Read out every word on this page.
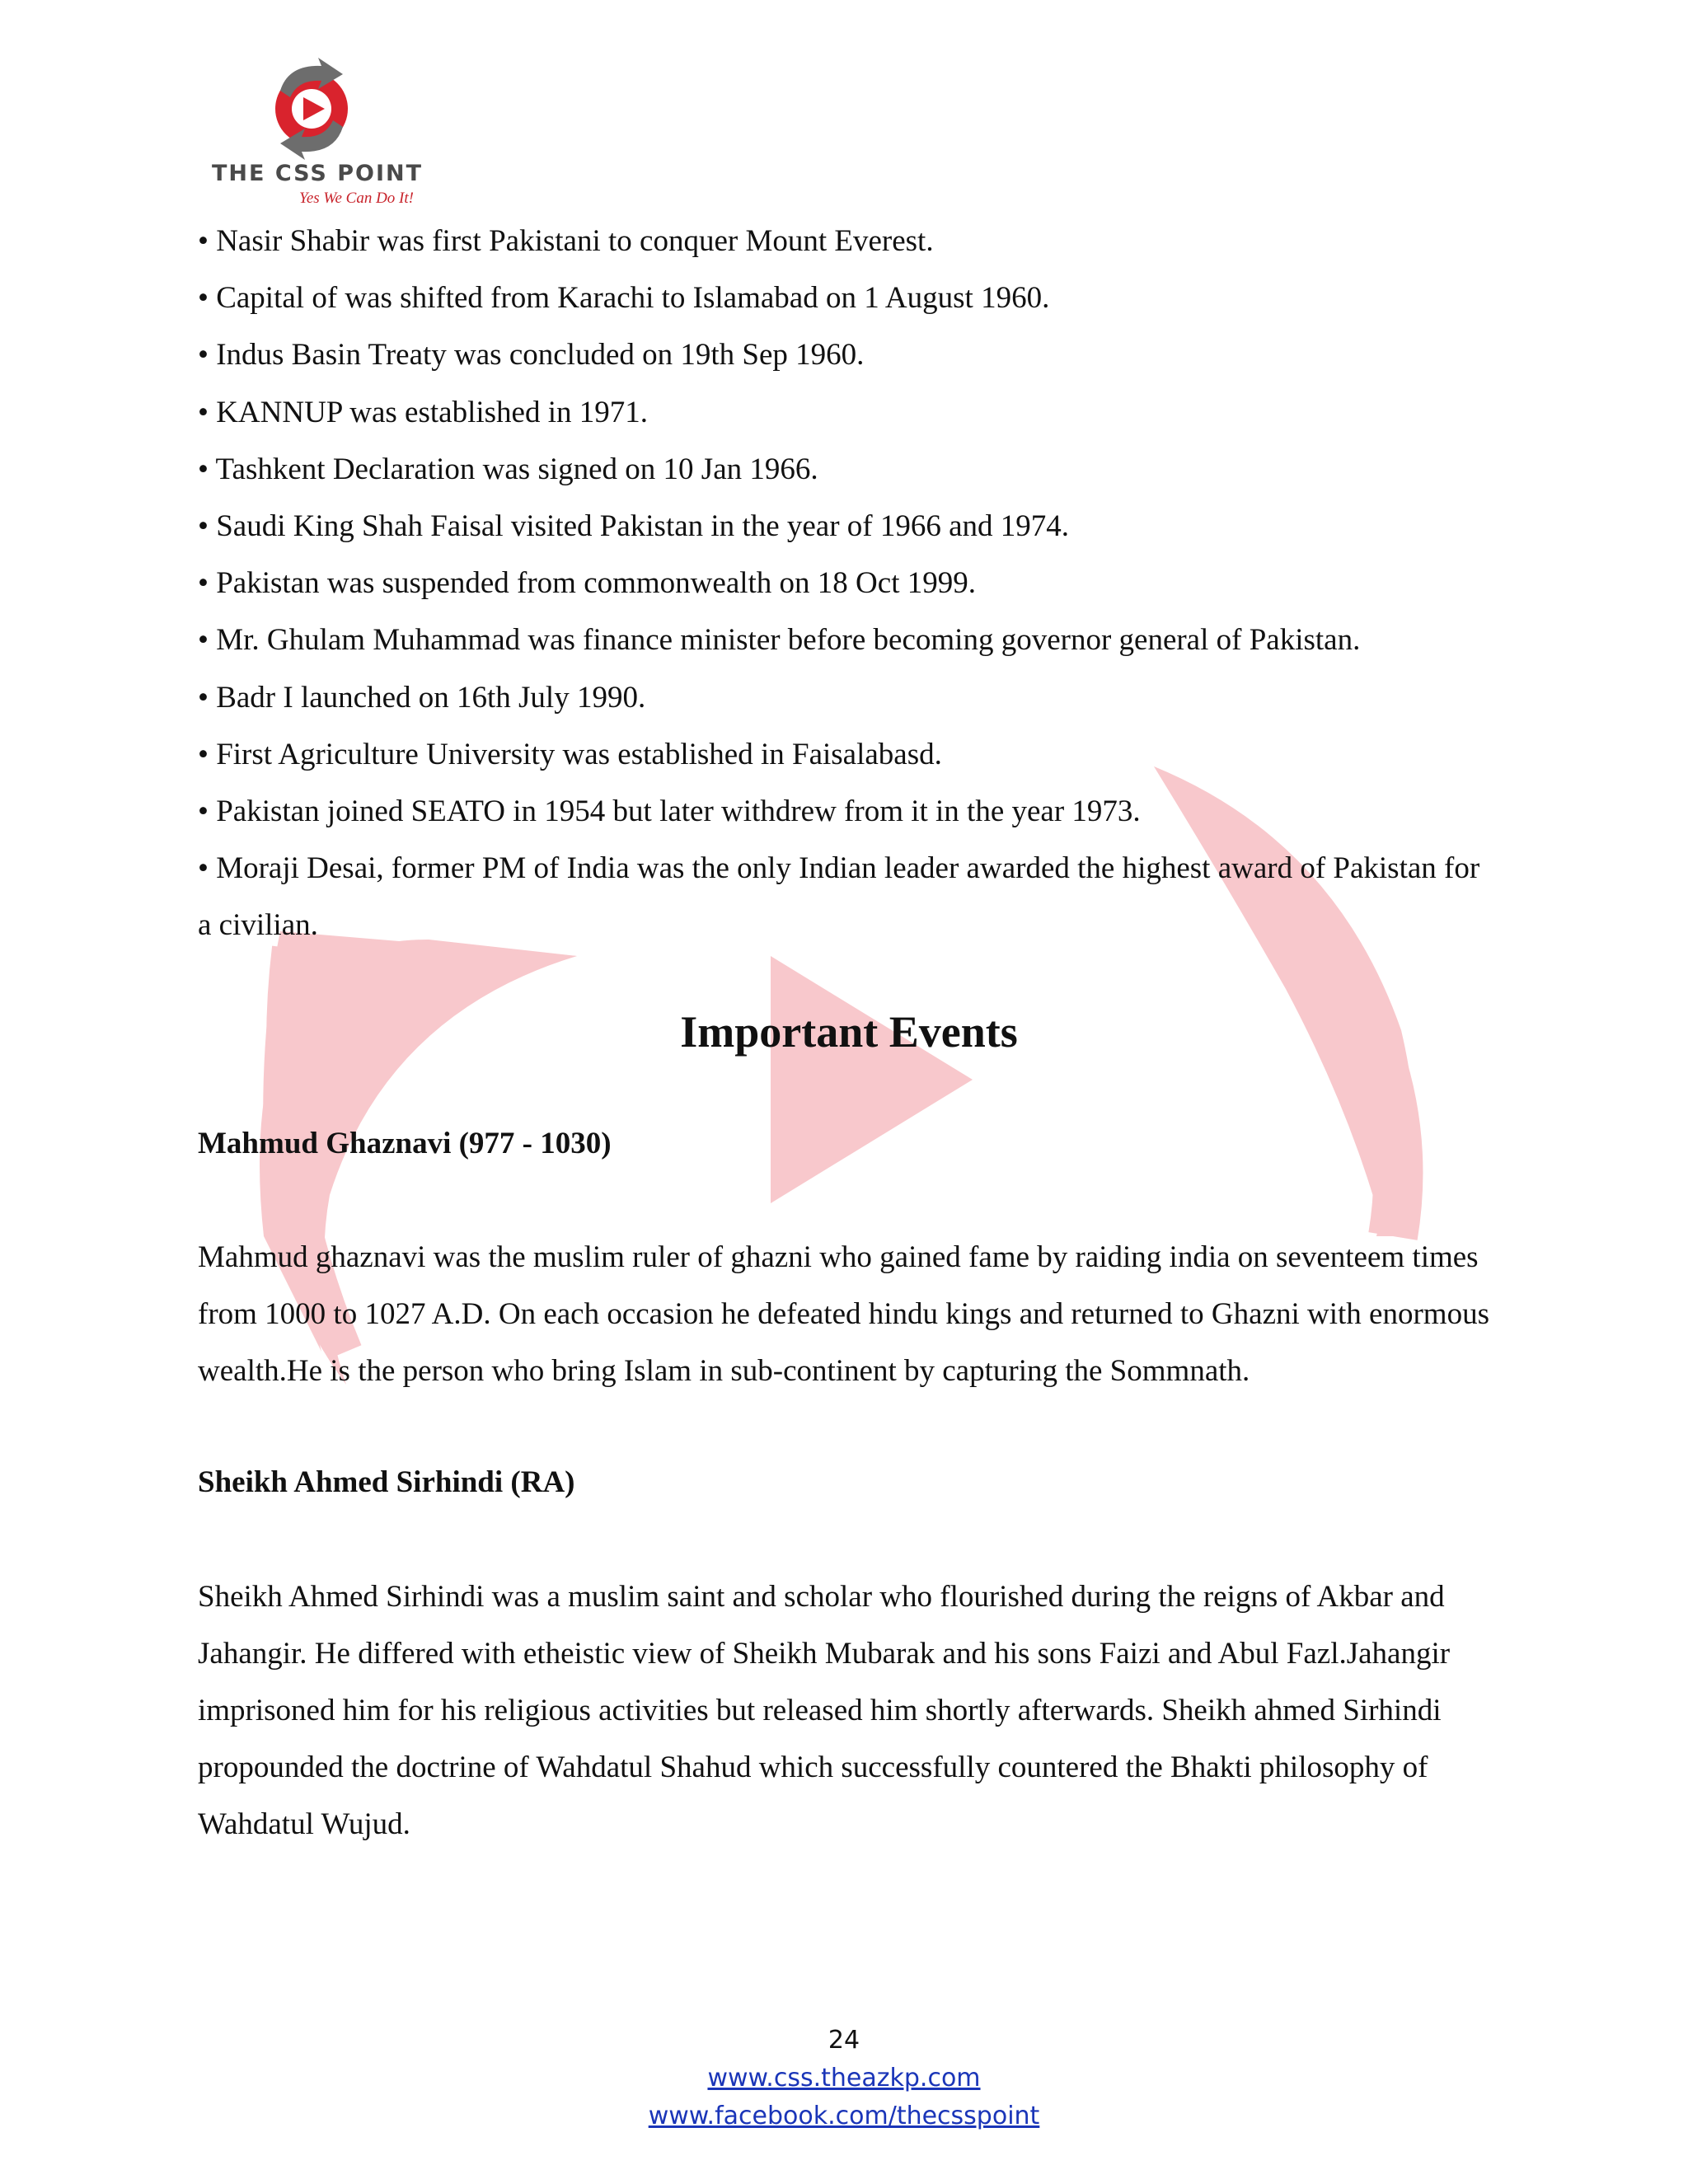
THE CSS POINT
Yes We Can Do It!

• Nasir Shabir was first Pakistani to conquer Mount Everest.

• Capital of was shifted from Karachi to Islamabad on 1 August 1960.

• Indus Basin Treaty was concluded on 19th Sep 1960.

• KANNUP was established in 1971.

• Tashkent Declaration was signed on 10 Jan 1966.

• Saudi King Shah Faisal visited Pakistan in the year of 1966 and 1974.

• Pakistan was suspended from commonwealth on 18 Oct 1999.

• Mr. Ghulam Muhammad was finance minister before becoming governor general of Pakistan.

• Badr I launched on 16th July 1990.

• First Agriculture University was established in Faisalabasd.

• Pakistan joined SEATO in 1954 but later withdrew from it in the year 1973.

• Moraji Desai, former PM of India was the only Indian leader awarded the highest award of Pakistan for a civilian.

Important Events
Mahmud Ghaznavi (977 - 1030)

Mahmud ghaznavi was the muslim ruler of ghazni who gained fame by raiding india on seventeem times from 1000 to 1027 A.D. On each occasion he defeated hindu kings and returned to Ghazni with enormous wealth.He is the person who bring Islam in sub-continent by capturing the Sommnath.

Sheikh Ahmed Sirhindi (RA)

Sheikh Ahmed Sirhindi was a muslim saint and scholar who flourished during the reigns of Akbar and Jahangir. He differed with etheistic view of Sheikh Mubarak and his sons Faizi and Abul Fazl.Jahangir imprisoned him for his religious activities but released him shortly afterwards. Sheikh ahmed Sirhindi propounded the doctrine of Wahdatul Shahud which successfully countered the Bhakti philosophy of Wahdatul Wujud.

24
www.css.theazkp.com
www.facebook.com/thecsspoint
